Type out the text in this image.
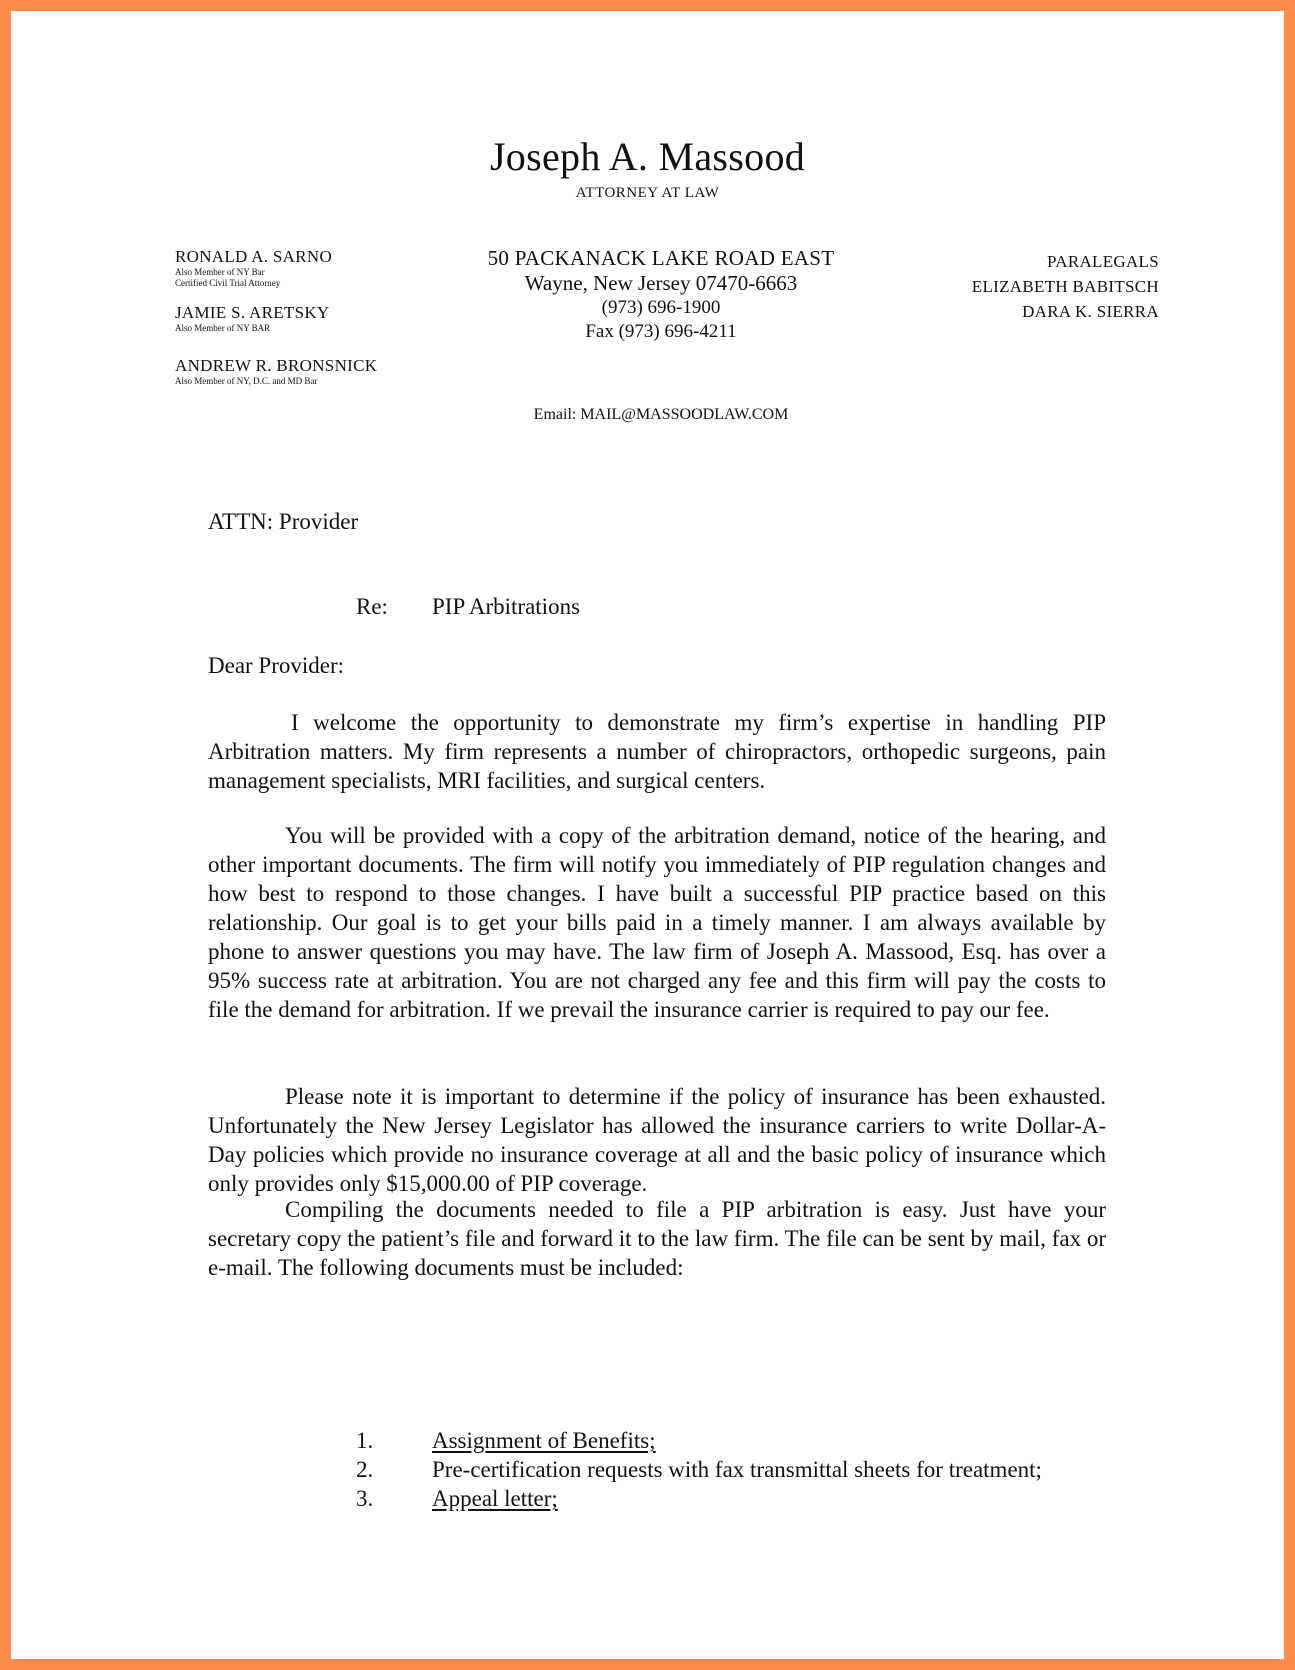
Joseph A. Massood
ATTORNEY AT LAW
RONALD A. SARNO
Also Member of NY Bar
Certified Civil Trial Attorney
JAMIE S. ARETSKY
Also Member of NY BAR
ANDREW R. BRONSNICK
Also Member of NY, D.C. and MD Bar
50 PACKANACK LAKE ROAD EAST
Wayne, New Jersey 07470-6663
(973) 696-1900
Fax (973) 696-4211
Email: MAIL@MASSOODLAW.COM
PARALEGALS
ELIZABETH BABITSCH
DARA K. SIERRA
ATTN: Provider
Re: PIP Arbitrations
Dear Provider:
I welcome the opportunity to demonstrate my firm’s expertise in handling PIP Arbitration matters. My firm represents a number of chiropractors, orthopedic surgeons, pain management specialists, MRI facilities, and surgical centers.
You will be provided with a copy of the arbitration demand, notice of the hearing, and other important documents. The firm will notify you immediately of PIP regulation changes and how best to respond to those changes. I have built a successful PIP practice based on this relationship. Our goal is to get your bills paid in a timely manner. I am always available by phone to answer questions you may have. The law firm of Joseph A. Massood, Esq. has over a 95% success rate at arbitration. You are not charged any fee and this firm will pay the costs to file the demand for arbitration. If we prevail the insurance carrier is required to pay our fee.
Please note it is important to determine if the policy of insurance has been exhausted. Unfortunately the New Jersey Legislator has allowed the insurance carriers to write Dollar-A-Day policies which provide no insurance coverage at all and the basic policy of insurance which only provides only $15,000.00 of PIP coverage.
Compiling the documents needed to file a PIP arbitration is easy. Just have your secretary copy the patient’s file and forward it to the law firm. The file can be sent by mail, fax or e-mail. The following documents must be included:
1.	Assignment of Benefits;
2.	Pre-certification requests with fax transmittal sheets for treatment;
3.	Appeal letter;
